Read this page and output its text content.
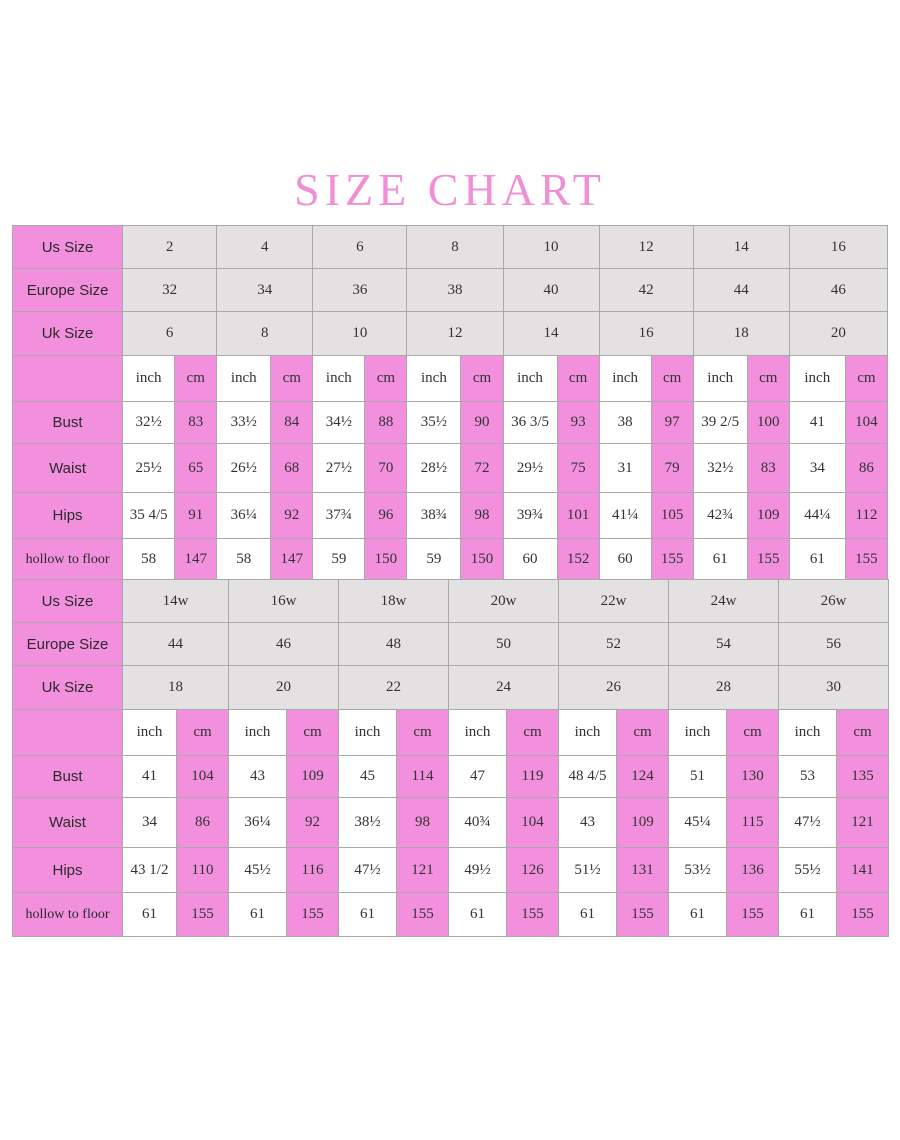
SIZE CHART
Us Size	2		4		6		8		10		12		14		16	
Europe Size	32		34		36		38		40		42		44		46	
Uk Size	6		8		10		12		14		16		18		20	
	inch	cm	inch	cm	inch	cm	inch	cm	inch	cm	inch	cm	inch	cm	inch	cm
Bust	32½	83	33½	84	34½	88	35½	90	36 3/5	93	38	97	39 2/5	100	41	104
Waist	25½	65	26½	68	27½	70	28½	72	29½	75	31	79	32½	83	34	86
Hips	35 4/5	91	36¼	92	37¾	96	38¾	98	39¾	101	41¼	105	42¾	109	44¼	112
hollow to floor	58	147	58	147	59	150	59	150	60	152	60	155	61	155	61	155
Us Size	14w		16w		18w		20w		22w		24w		26w	
Europe Size	44		46		48		50		52		54		56	
Uk Size	18		20		22		24		26		28		30	
	inch	cm	inch	cm	inch	cm	inch	cm	inch	cm	inch	cm	inch	cm
Bust	41	104	43	109	45	114	47	119	48 4/5	124	51	130	53	135
Waist	34	86	36¼	92	38½	98	40¾	104	43	109	45¼	115	47½	121
Hips	43 1/2	110	45½	116	47½	121	49½	126	51½	131	53½	136	55½	141
hollow to floor	61	155	61	155	61	155	61	155	61	155	61	155	61	155
